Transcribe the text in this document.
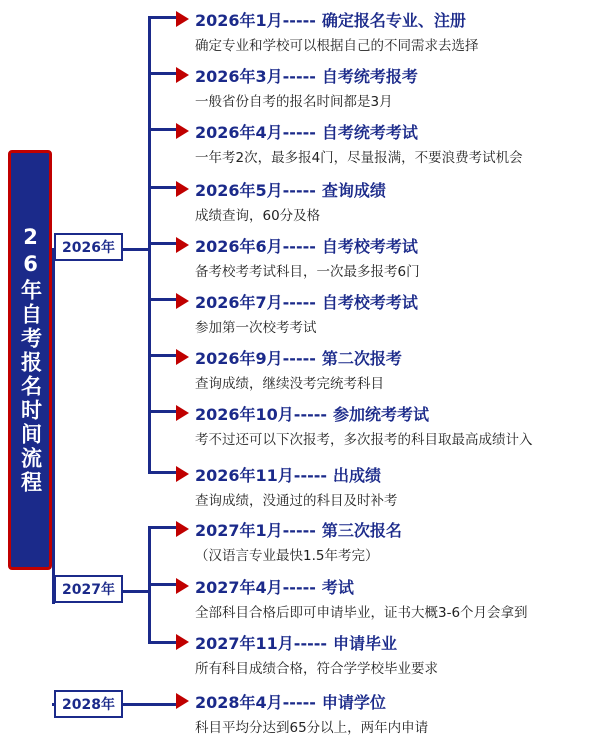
26年自考报名时间流程	2026年
2027年
2028年
2026年1月----- 确定报名专业、注册
确定专业和学校可以根据自己的不同需求去选择
2026年3月----- 自考统考报考
一般省份自考的报名时间都是3月
2026年4月----- 自考统考考试
一年考2次，最多报4门，尽量报满，不要浪费考试机会
2026年5月----- 查询成绩
成绩查询，60分及格
2026年6月----- 自考校考考试
备考校考考试科目，一次最多报考6门
2026年7月----- 自考校考考试
参加第一次校考考试
2026年9月----- 第二次报考
查询成绩，继续没考完统考科目
2026年10月----- 参加统考考试
考不过还可以下次报考，多次报考的科目取最高成绩计入
2026年11月----- 出成绩
查询成绩，没通过的科目及时补考
2027年1月----- 第三次报名
（汉语言专业最快1.5年考完）
2027年4月----- 考试
全部科目合格后即可申请毕业，证书大概3-6个月会拿到
2027年11月----- 申请毕业
所有科目成绩合格，符合学学校毕业要求
2028年4月----- 申请学位
科目平均分达到65分以上，两年内申请
